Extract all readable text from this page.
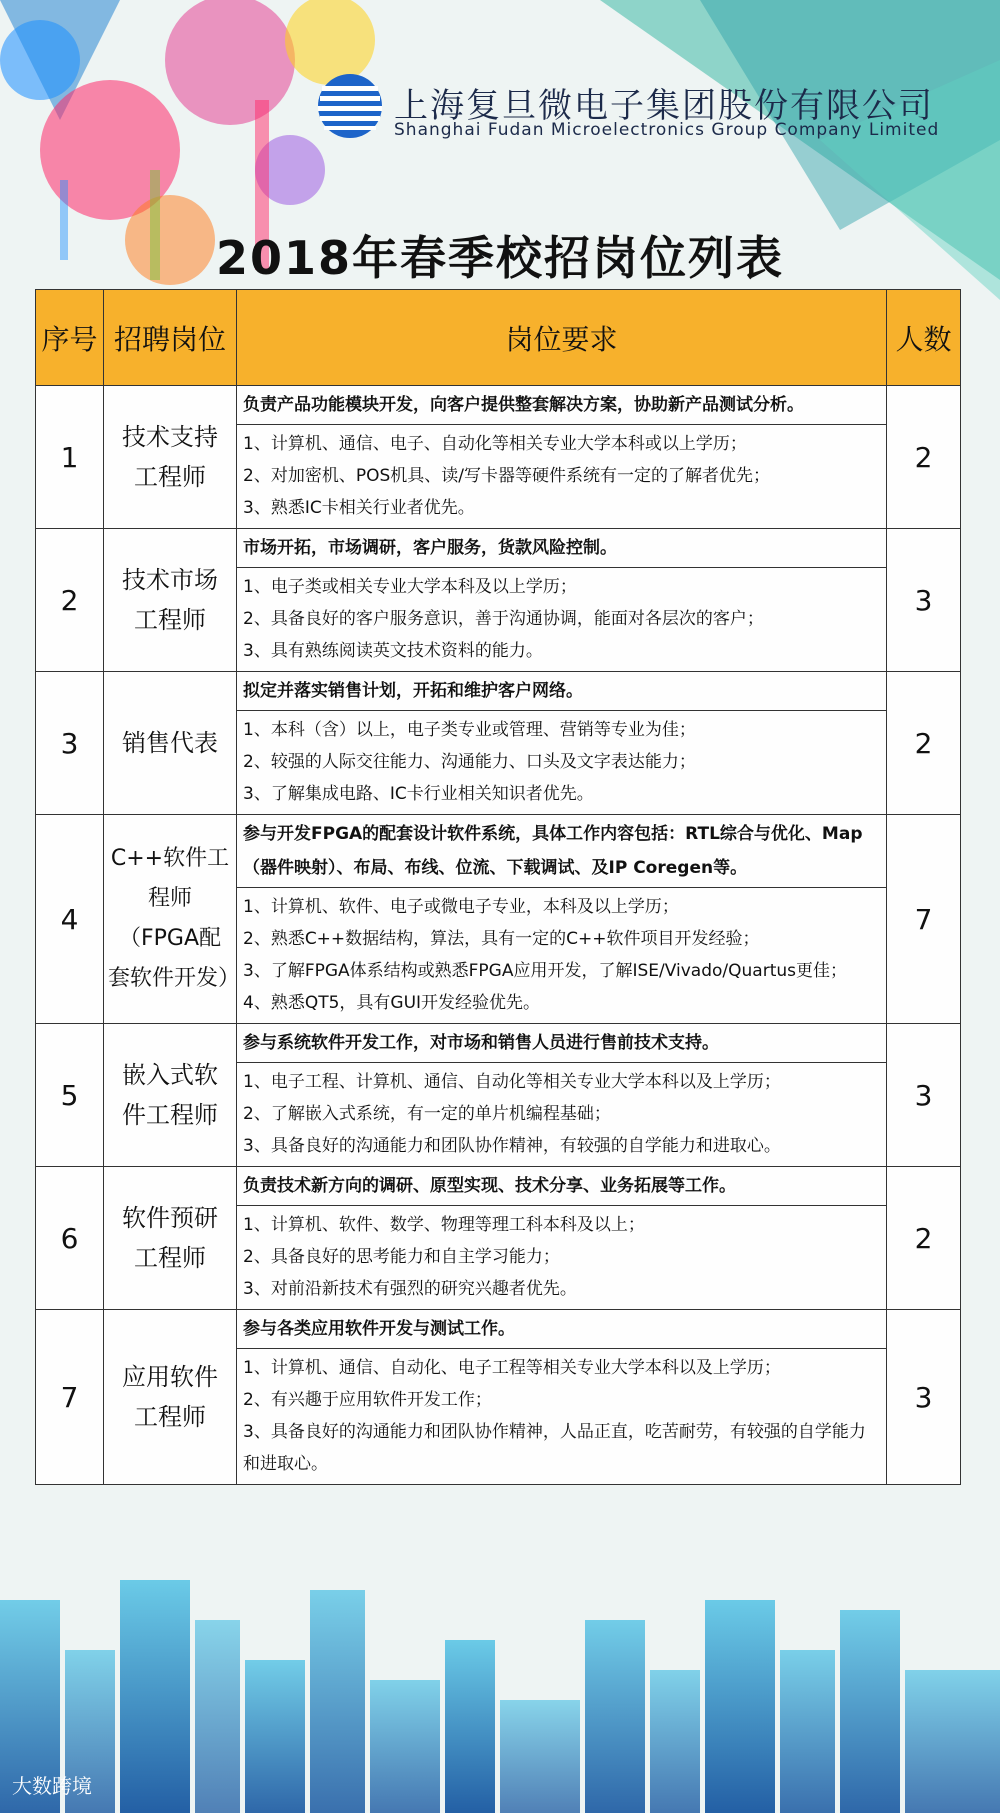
上海复旦微电子集团股份有限公司
Shanghai Fudan Microelectronics Group Company Limited
2018年春季校招岗位列表
序号	招聘岗位	岗位要求	人数
1	技术支持工程师	负责产品功能模块开发，向客户提供整套解决方案，协助新产品测试分析。
1、计算机、通信、电子、自动化等相关专业大学本科或以上学历；
2、对加密机、POS机具、读/写卡器等硬件系统有一定的了解者优先；
3、熟悉IC卡相关行业者优先。	2
2	技术市场工程师	市场开拓，市场调研，客户服务，货款风险控制。
1、电子类或相关专业大学本科及以上学历；
2、具备良好的客户服务意识，善于沟通协调，能面对各层次的客户；
3、具有熟练阅读英文技术资料的能力。	3
3	销售代表	拟定并落实销售计划，开拓和维护客户网络。
1、本科（含）以上，电子类专业或管理、营销等专业为佳；
2、较强的人际交往能力、沟通能力、口头及文字表达能力；
3、了解集成电路、IC卡行业相关知识者优先。	2
4	C++软件工程师（FPGA配套软件开发）	参与开发FPGA的配套设计软件系统，具体工作内容包括：RTL综合与优化、Map（器件映射）、布局、布线、位流、下载调试、及IP Coregen等。
1、计算机、软件、电子或微电子专业，本科及以上学历；
2、熟悉C++数据结构，算法，具有一定的C++软件项目开发经验；
3、了解FPGA体系结构或熟悉FPGA应用开发，了解ISE/Vivado/Quartus更佳；
4、熟悉QT5，具有GUI开发经验优先。	7
5	嵌入式软件工程师	参与系统软件开发工作，对市场和销售人员进行售前技术支持。
1、电子工程、计算机、通信、自动化等相关专业大学本科以及上学历；
2、了解嵌入式系统，有一定的单片机编程基础；
3、具备良好的沟通能力和团队协作精神，有较强的自学能力和进取心。	3
6	软件预研工程师	负责技术新方向的调研、原型实现、技术分享、业务拓展等工作。
1、计算机、软件、数学、物理等理工科本科及以上；
2、具备良好的思考能力和自主学习能力；
3、对前沿新技术有强烈的研究兴趣者优先。	2
7	应用软件工程师	参与各类应用软件开发与测试工作。
1、计算机、通信、自动化、电子工程等相关专业大学本科以及上学历；
2、有兴趣于应用软件开发工作；
3、具备良好的沟通能力和团队协作精神，人品正直，吃苦耐劳，有较强的自学能力和进取心。	3
大数跨境
